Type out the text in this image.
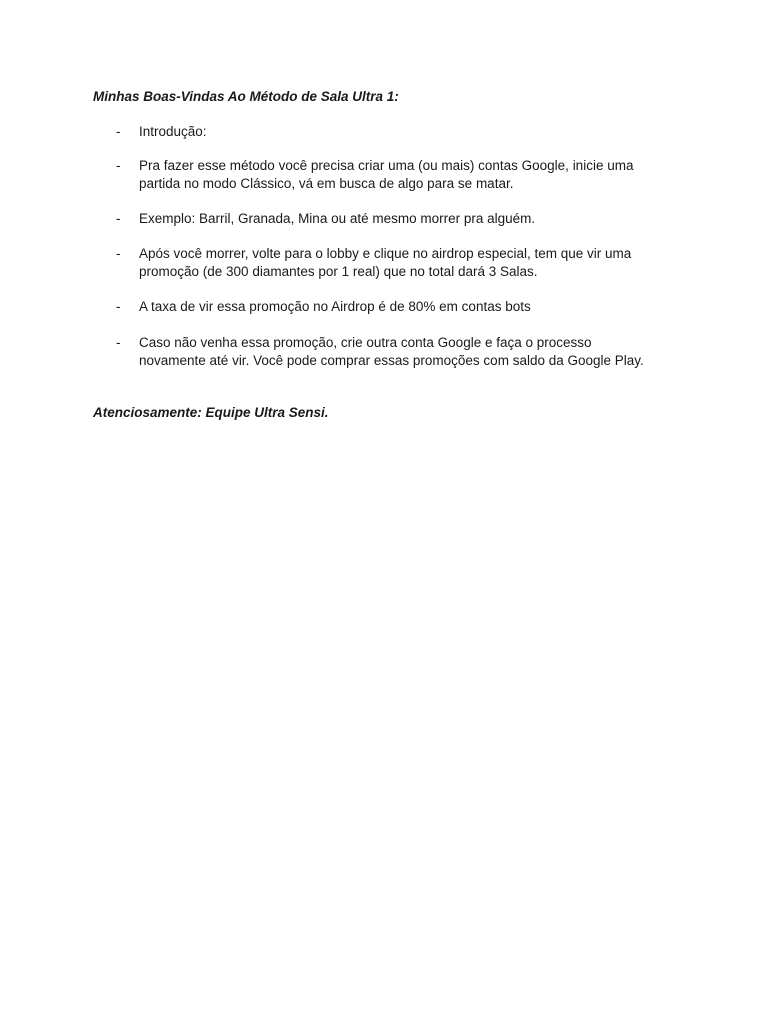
Minhas Boas-Vindas Ao Método de Sala Ultra 1:
- Introdução:
- Pra fazer esse método você precisa criar uma (ou mais) contas Google, inicie uma
partida no modo Clássico, vá em busca de algo para se matar.
- Exemplo: Barril, Granada, Mina ou até mesmo morrer pra alguém.
- Após você morrer, volte para o lobby e clique no airdrop especial, tem que vir uma
promoção (de 300 diamantes por 1 real) que no total dará 3 Salas.
- A taxa de vir essa promoção no Airdrop é de 80% em contas bots
- Caso não venha essa promoção, crie outra conta Google e faça o processo
novamente até vir. Você pode comprar essas promoções com saldo da Google Play.
Atenciosamente: Equipe Ultra Sensi.
